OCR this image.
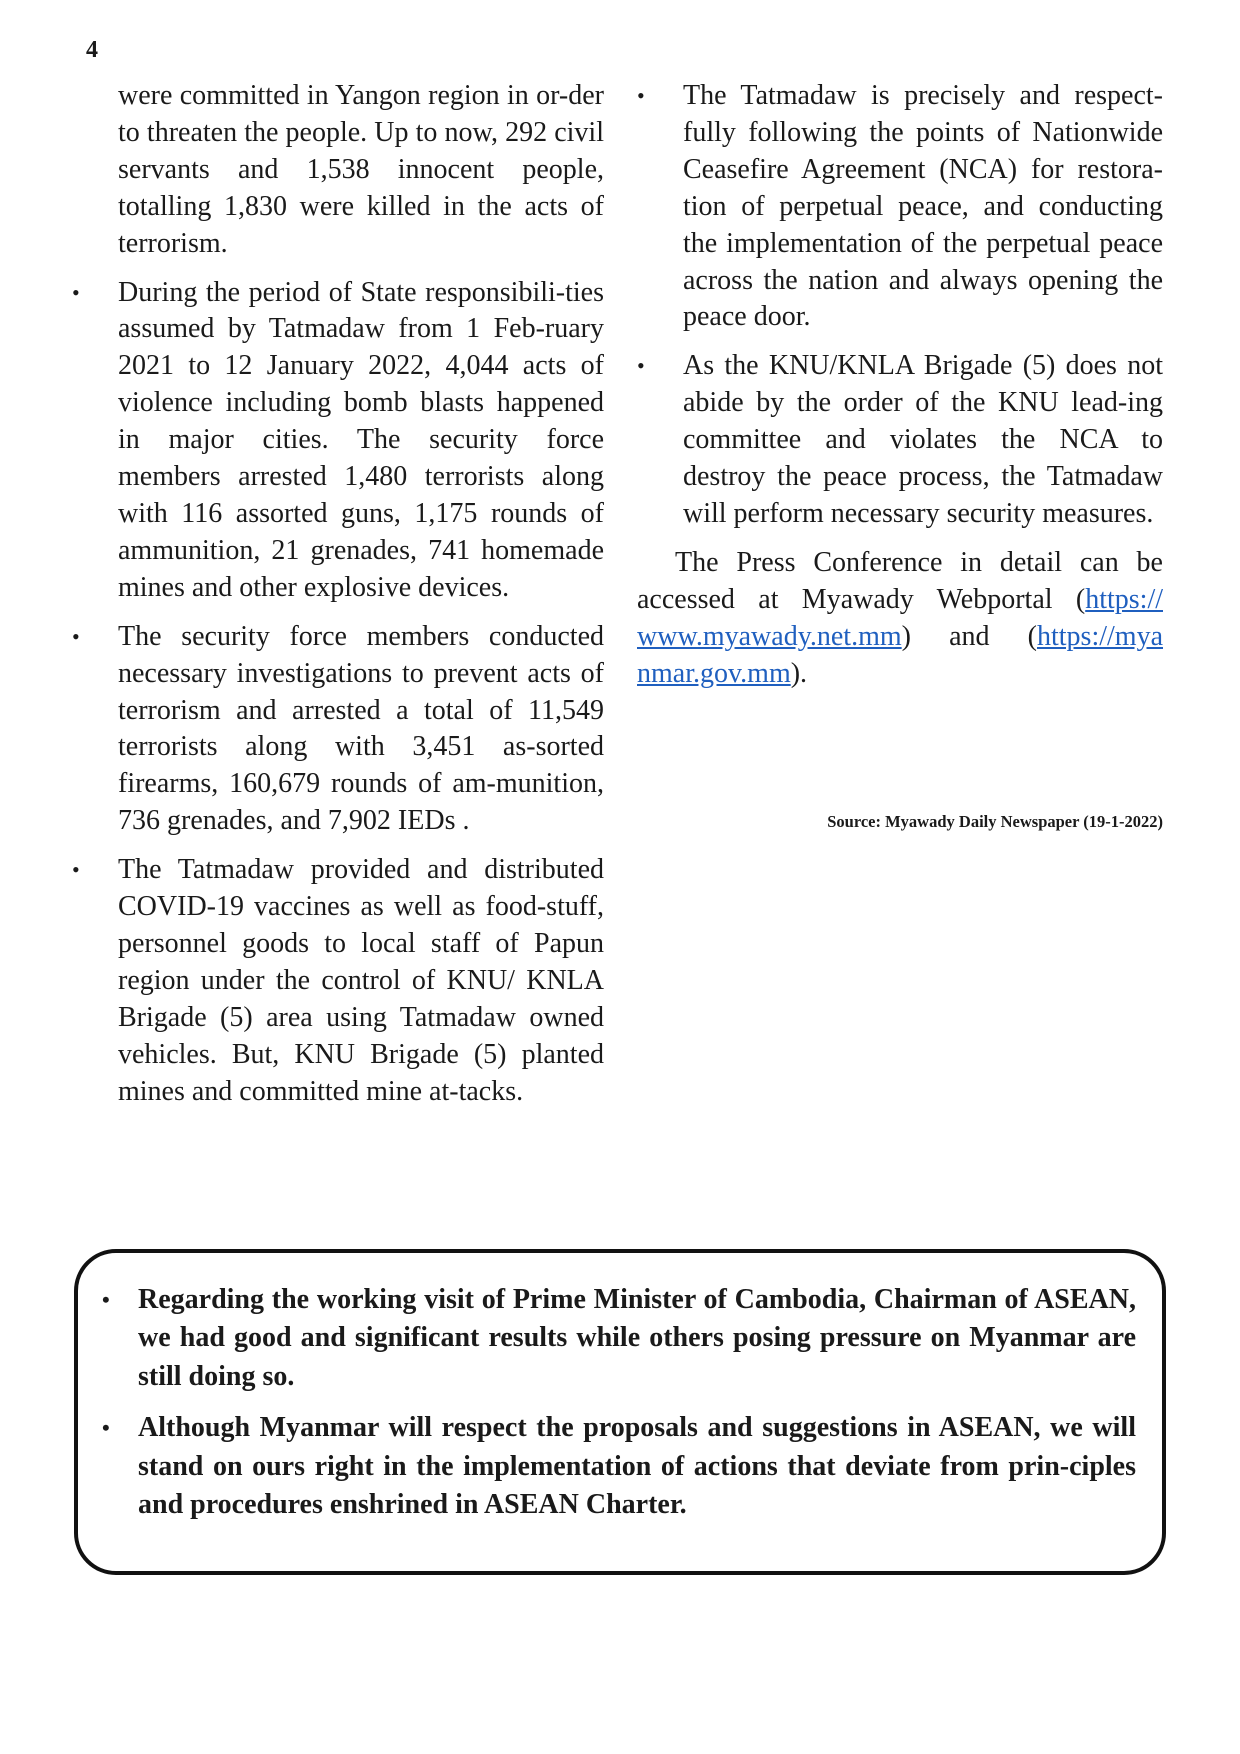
4

were committed in Yangon region in or-der to threaten the people. Up to now, 292 civil servants and 1,538 innocent people, totalling 1,830 were killed in the acts of terrorism.

• During the period of State responsibili-ties assumed by Tatmadaw from 1 Feb-ruary 2021 to 12 January 2022, 4,044 acts of violence including bomb blasts happened in major cities. The security force members arrested 1,480 terrorists along with 116 assorted guns, 1,175 rounds of ammunition, 21 grenades, 741 homemade mines and other explosive devices.
• The security force members conducted necessary investigations to prevent acts of terrorism and arrested a total of 11,549 terrorists along with 3,451 as-sorted firearms, 160,679 rounds of am-munition, 736 grenades, and 7,902 IEDs .
• The Tatmadaw provided and distributed COVID-19 vaccines as well as food-stuff, personnel goods to local staff of Papun region under the control of KNU/ KNLA Brigade (5) area using Tatmadaw owned vehicles. But, KNU Brigade (5) planted mines and committed mine at-tacks.
• The Tatmadaw is precisely and respect-fully following the points of Nationwide Ceasefire Agreement (NCA) for restora-tion of perpetual peace, and conducting the implementation of the perpetual peace across the nation and always opening the peace door.
• As the KNU/KNLA Brigade (5) does not abide by the order of the KNU lead-ing committee and violates the NCA to destroy the peace process, the Tatmadaw will perform necessary security measures.

The Press Conference in detail can be accessed at Myawady Webportal (https:// www.myawady.net.mm) and (https://mya nmar.gov.mm).

Source: Myawady Daily Newspaper (19-1-2022)
• Regarding the working visit of Prime Minister of Cambodia, Chairman of ASEAN, we had good and significant results while others posing pressure on Myanmar are still doing so.
• Although Myanmar will respect the proposals and suggestions in ASEAN, we will stand on ours right in the implementation of actions that deviate from prin-ciples and procedures enshrined in ASEAN Charter.
